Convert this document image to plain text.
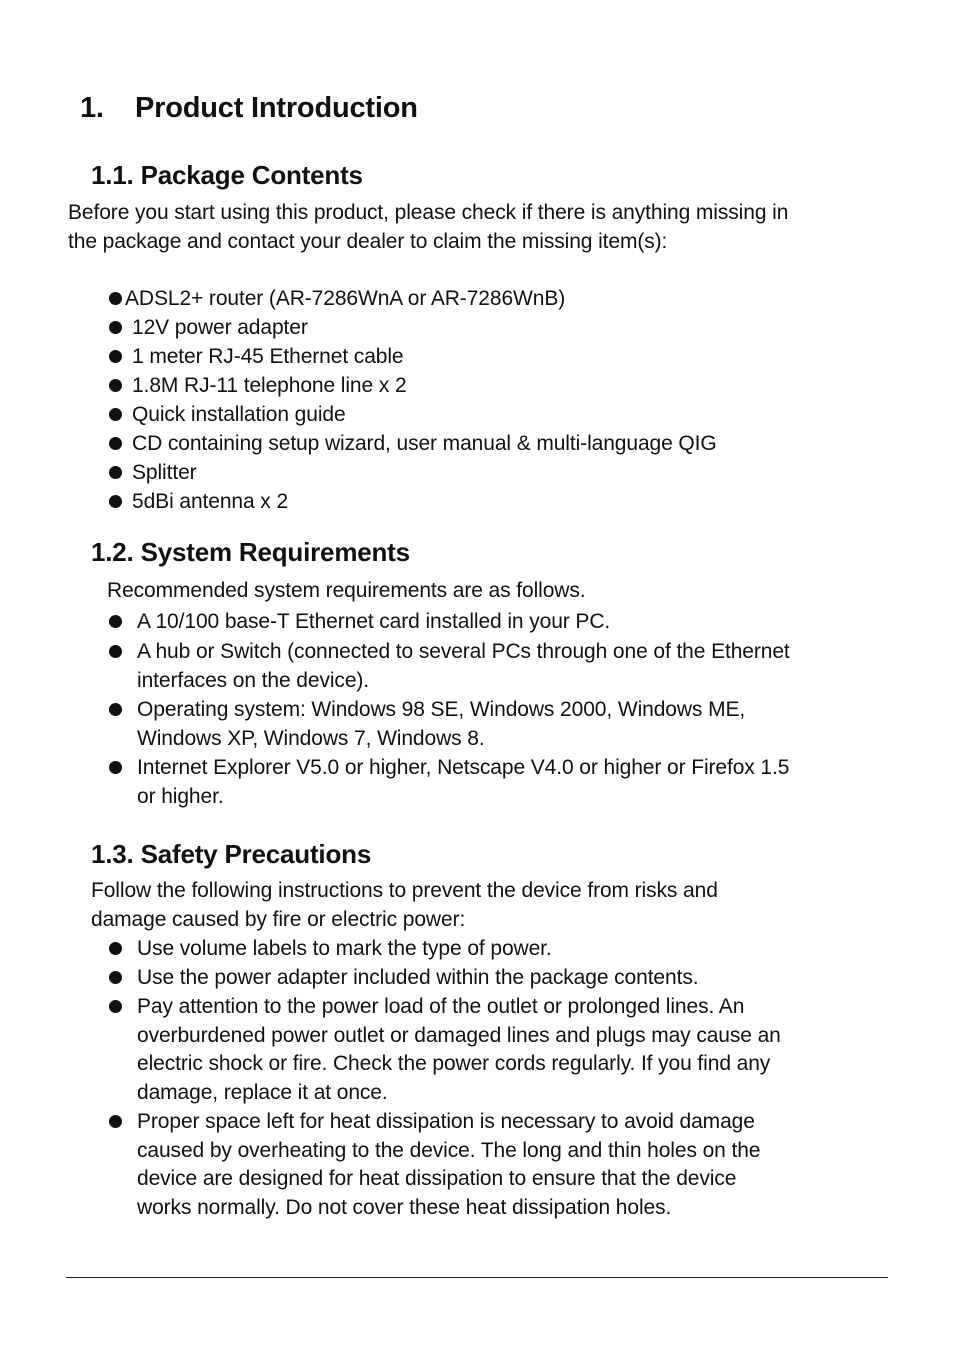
1. Product Introduction
1.1. Package Contents
Before you start using this product, please check if there is anything missing in
the package and contact your dealer to claim the missing item(s):
ADSL2+ router (AR-7286WnA or AR-7286WnB)
12V power adapter
1 meter RJ-45 Ethernet cable
1.8M RJ-11 telephone line x 2
Quick installation guide
CD containing setup wizard, user manual & multi-language QIG
Splitter
5dBi antenna x 2
1.2. System Requirements
Recommended system requirements are as follows.
A 10/100 base-T Ethernet card installed in your PC.
A hub or Switch (connected to several PCs through one of the Ethernet
interfaces on the device).
Operating system: Windows 98 SE, Windows 2000, Windows ME,
Windows XP, Windows 7, Windows 8.
Internet Explorer V5.0 or higher, Netscape V4.0 or higher or Firefox 1.5
or higher.
1.3. Safety Precautions
Follow the following instructions to prevent the device from risks and
damage caused by fire or electric power:
Use volume labels to mark the type of power.
Use the power adapter included within the package contents.
Pay attention to the power load of the outlet or prolonged lines. An
overburdened power outlet or damaged lines and plugs may cause an
electric shock or fire. Check the power cords regularly. If you find any
damage, replace it at once.
Proper space left for heat dissipation is necessary to avoid damage
caused by overheating to the device. The long and thin holes on the
device are designed for heat dissipation to ensure that the device
works normally. Do not cover these heat dissipation holes.
